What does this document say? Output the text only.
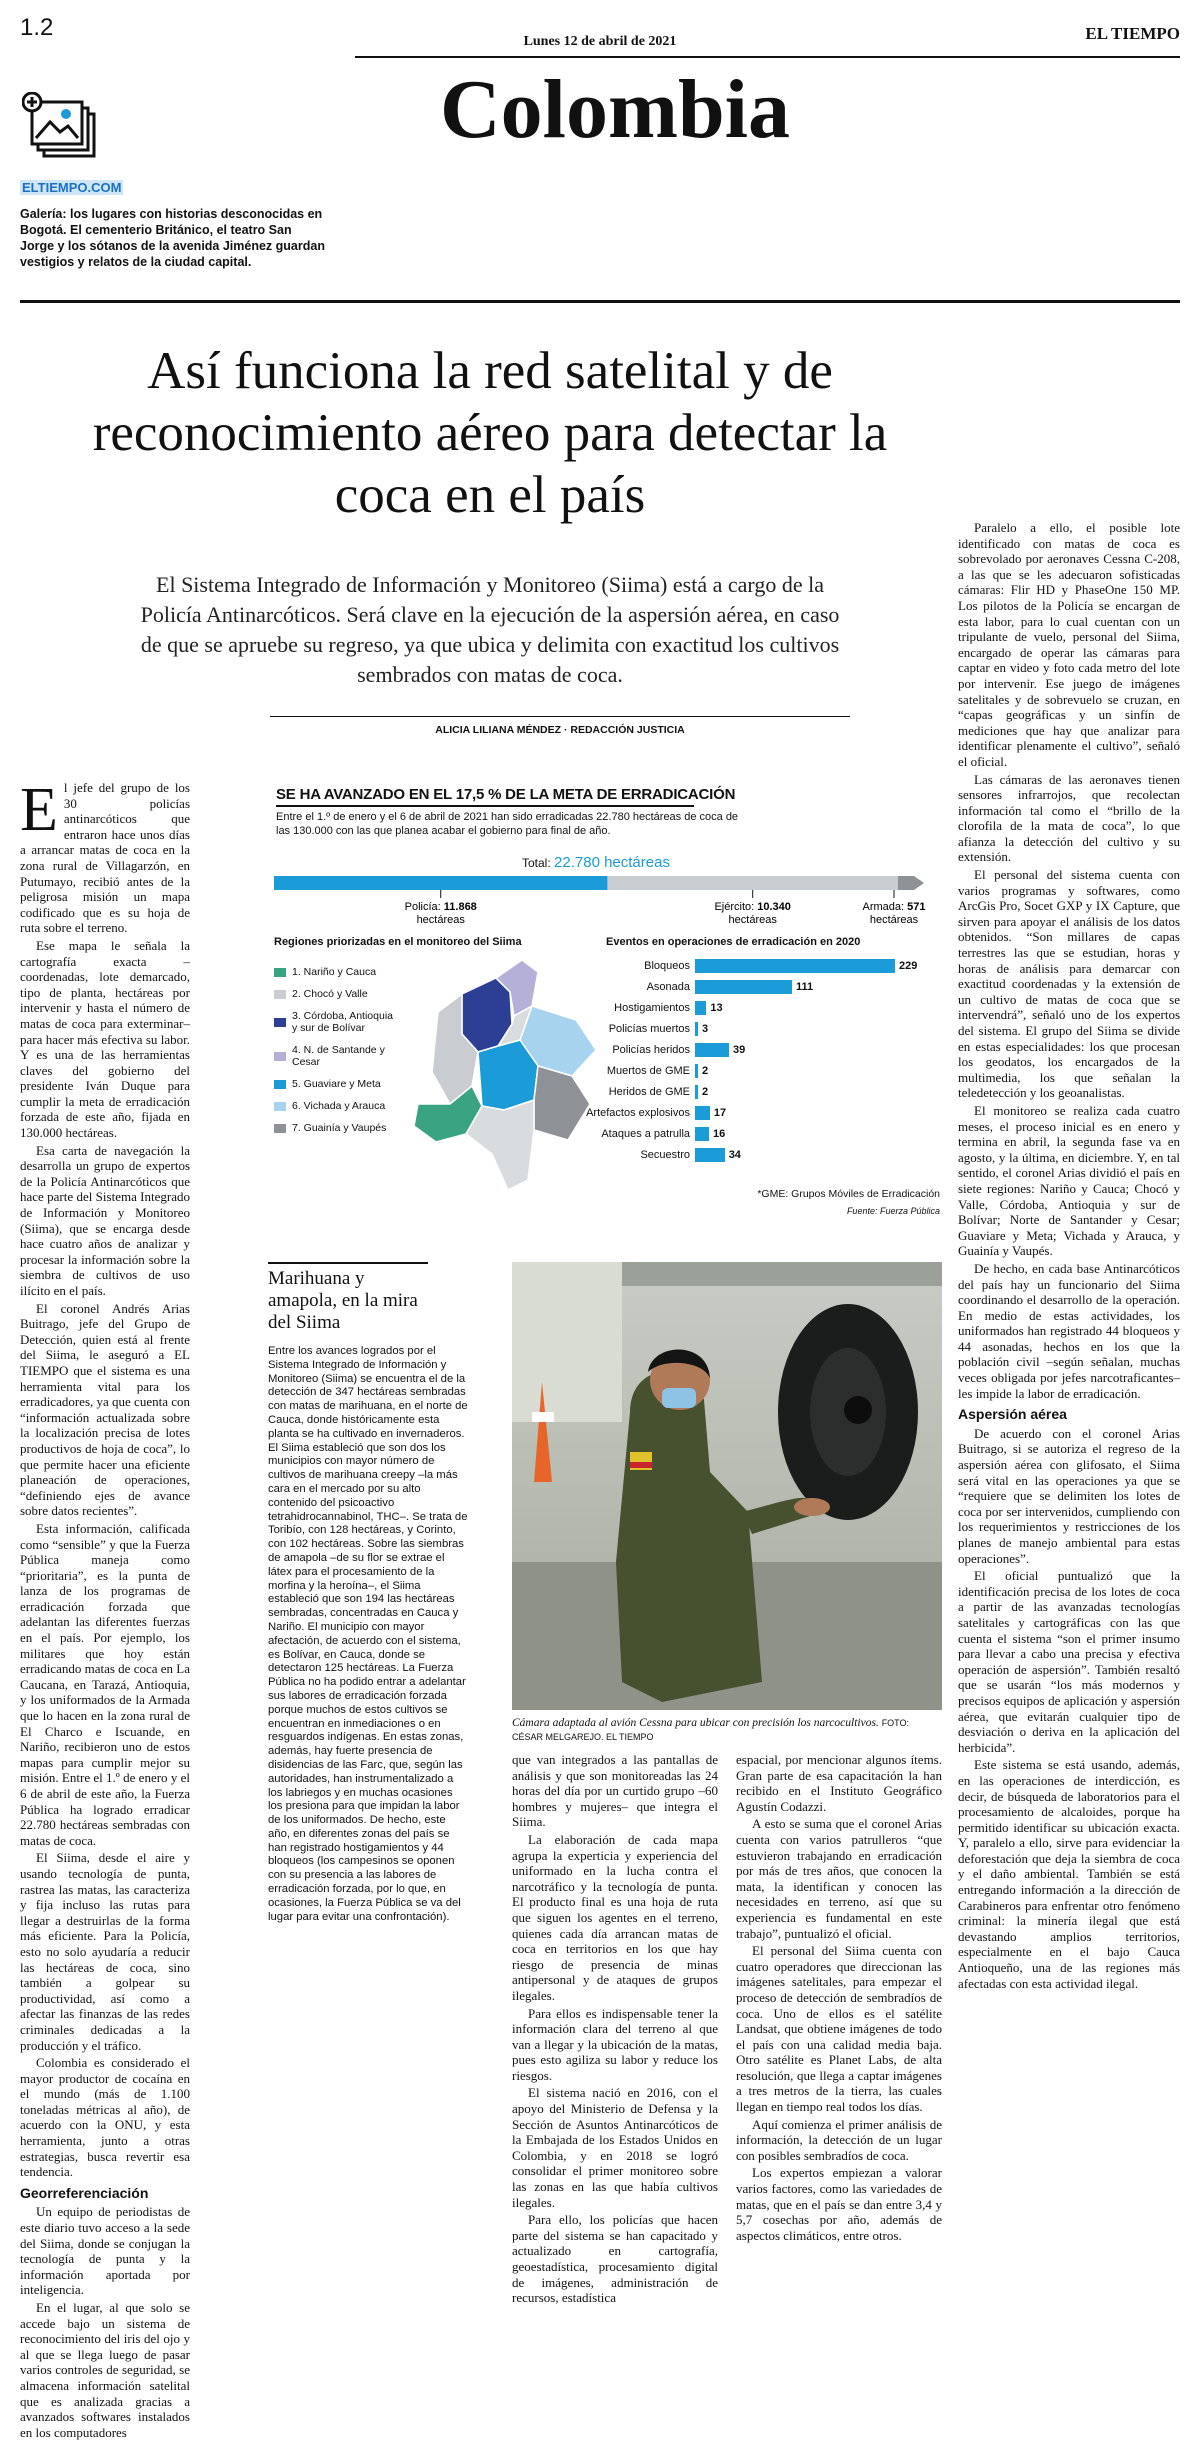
1.2
Lunes 12 de abril de 2021	EL TIEMPO
Colombia
ELTIEMPO.COM
Galería: los lugares con historias desconocidas en Bogotá. El cementerio Británico, el teatro San Jorge y los sótanos de la avenida Jiménez guardan vestigios y relatos de la ciudad capital.
Así funciona la red satelital y de reconocimiento aéreo para detectar la coca en el país
El Sistema Integrado de Información y Monitoreo (Siima) está a cargo de la Policía Antinarcóticos. Será clave en la ejecución de la aspersión aérea, en caso de que se apruebe su regreso, ya que ubica y delimita con exactitud los cultivos sembrados con matas de coca.
ALICIA LILIANA MÉNDEZ · REDACCIÓN JUSTICIA

El jefe del grupo de los 30 policías antinarcóticos que entraron hace unos días a arrancar matas de coca en la zona rural de Villagarzón, en Putumayo, recibió antes de la peligrosa misión un mapa codificado que es su hoja de ruta sobre el terreno.

Ese mapa le señala la cartografía exacta –coordenadas, lote demarcado, tipo de planta, hectáreas por intervenir y hasta el número de matas de coca para exterminar– para hacer más efectiva su labor. Y es una de las herramientas claves del gobierno del presidente Iván Duque para cumplir la meta de erradicación forzada de este año, fijada en 130.000 hectáreas.

Esa carta de navegación la desarrolla un grupo de expertos de la Policía Antinarcóticos que hace parte del Sistema Integrado de Información y Monitoreo (Siima), que se encarga desde hace cuatro años de analizar y procesar la información sobre la siembra de cultivos de uso ilícito en el país.

El coronel Andrés Arias Buitrago, jefe del Grupo de Detección, quien está al frente del Siima, le aseguró a EL TIEMPO que el sistema es una herramienta vital para los erradicadores, ya que cuenta con “información actualizada sobre la localización precisa de lotes productivos de hoja de coca”, lo que permite hacer una eficiente planeación de operaciones, “definiendo ejes de avance sobre datos recientes”.

Esta información, calificada como “sensible” y que la Fuerza Pública maneja como “prioritaria”, es la punta de lanza de los programas de erradicación forzada que adelantan las diferentes fuerzas en el país. Por ejemplo, los militares que hoy están erradicando matas de coca en La Caucana, en Tarazá, Antioquia, y los uniformados de la Armada que lo hacen en la zona rural de El Charco e Iscuande, en Nariño, recibieron uno de estos mapas para cumplir mejor su misión. Entre el 1.º de enero y el 6 de abril de este año, la Fuerza Pública ha logrado erradicar 22.780 hectáreas sembradas con matas de coca.

El Siima, desde el aire y usando tecnología de punta, rastrea las matas, las caracteriza y fija incluso las rutas para llegar a destruirlas de la forma más eficiente. Para la Policía, esto no solo ayudaría a reducir las hectáreas de coca, sino también a golpear su productividad, así como a afectar las finanzas de las redes criminales dedicadas a la producción y el tráfico.

Colombia es considerado el mayor productor de cocaína en el mundo (más de 1.100 toneladas métricas al año), de acuerdo con la ONU, y esta herramienta, junto a otras estrategias, busca revertir esa tendencia.

Georreferenciación

Un equipo de periodistas de este diario tuvo acceso a la sede del Siima, donde se conjugan la tecnología de punta y la información aportada por inteligencia.

En el lugar, al que solo se accede bajo un sistema de reconocimiento del iris del ojo y al que se llega luego de pasar varios controles de seguridad, se almacena información satelital que es analizada gracias a avanzados softwares instalados en los computadores

SE HA AVANZADO EN EL 17,5 % DE LA META DE ERRADICACIÓN
Entre el 1.º de enero y el 6 de abril de 2021 han sido erradicadas 22.780 hectáreas de coca de las 130.000 con las que planea acabar el gobierno para final de año.
Total: 22.780 hectáreas
Policía: 11.868
hectáreas
Ejército: 10.340
hectáreas
Armada: 571
hectáreas
Regiones priorizadas en el monitoreo del Siima
1. Nariño y Cauca
2. Chocó y Valle
3. Córdoba, Antioquia y sur de Bolívar
4. N. de Santande y Cesar
5. Guaviare y Meta
6. Vichada y Arauca
7. Guainía y Vaupés
Eventos en operaciones de erradicación en 2020
Bloqueos	229
Asonada	111
Hostigamientos	13
Policías muertos	3
Policías heridos	39
Muertos de GME	2
Heridos de GME	2
Artefactos explosivos	17
Ataques a patrulla	16
Secuestro	34
*GME: Grupos Móviles de Erradicación
Fuente: Fuerza Pública
Marihuana y amapola, en la mira del Siima
Entre los avances logrados por el Sistema Integrado de Información y Monitoreo (Siima) se encuentra el de la detección de 347 hectáreas sembradas con matas de marihuana, en el norte de Cauca, donde históricamente esta planta se ha cultivado en invernaderos. El Siima estableció que son dos los municipios con mayor número de cultivos de marihuana creepy –la más cara en el mercado por su alto contenido del psicoactivo tetrahidrocannabinol, THC–. Se trata de Toribío, con 128 hectáreas, y Corinto, con 102 hectáreas. Sobre las siembras de amapola –de su flor se extrae el látex para el procesamiento de la morfina y la heroína–, el Siima estableció que son 194 las hectáreas sembradas, concentradas en Cauca y Nariño. El municipio con mayor afectación, de acuerdo con el sistema, es Bolívar, en Cauca, donde se detectaron 125 hectáreas. La Fuerza Pública no ha podido entrar a adelantar sus labores de erradicación forzada porque muchos de estos cultivos se encuentran en inmediaciones o en resguardos indígenas. En estas zonas, además, hay fuerte presencia de disidencias de las Farc, que, según las autoridades, han instrumentalizado a los labriegos y en muchas ocasiones los presiona para que impidan la labor de los uniformados. De hecho, este año, en diferentes zonas del país se han registrado hostigamientos y 44 bloqueos (los campesinos se oponen con su presencia a las labores de erradicación forzada, por lo que, en ocasiones, la Fuerza Pública se va del lugar para evitar una confrontación).
Cámara adaptada al avión Cessna para ubicar con precisión los narcocultivos. FOTO: CÉSAR MELGAREJO. EL TIEMPO

que van integrados a las pantallas de análisis y que son monitoreadas las 24 horas del día por un curtido grupo –60 hombres y mujeres– que integra el Siima.

La elaboración de cada mapa agrupa la experticia y experiencia del uniformado en la lucha contra el narcotráfico y la tecnología de punta. El producto final es una hoja de ruta que siguen los agentes en el terreno, quienes cada día arrancan matas de coca en territorios en los que hay riesgo de presencia de minas antipersonal y de ataques de grupos ilegales.

Para ellos es indispensable tener la información clara del terreno al que van a llegar y la ubicación de la matas, pues esto agiliza su labor y reduce los riesgos.

El sistema nació en 2016, con el apoyo del Ministerio de Defensa y la Sección de Asuntos Antinarcóticos de la Embajada de los Estados Unidos en Colombia, y en 2018 se logró consolidar el primer monitoreo sobre las zonas en las que había cultivos ilegales.

Para ello, los policías que hacen parte del sistema se han capacitado y actualizado en cartografía, geoestadística, procesamiento digital de imágenes, administración de recursos, estadística

espacial, por mencionar algunos ítems. Gran parte de esa capacitación la han recibido en el Instituto Geográfico Agustín Codazzi.

A esto se suma que el coronel Arias cuenta con varios patrulleros “que estuvieron trabajando en erradicación por más de tres años, que conocen la mata, la identifican y conocen las necesidades en terreno, así que su experiencia es fundamental en este trabajo”, puntualizó el oficial.

El personal del Siima cuenta con cuatro operadores que direccionan las imágenes satelitales, para empezar el proceso de detección de sembradíos de coca. Uno de ellos es el satélite Landsat, que obtiene imágenes de todo el país con una calidad media baja. Otro satélite es Planet Labs, de alta resolución, que llega a captar imágenes a tres metros de la tierra, las cuales llegan en tiempo real todos los días.

Aquí comienza el primer análisis de información, la detección de un lugar con posibles sembradíos de coca.

Los expertos empiezan a valorar varios factores, como las variedades de matas, que en el país se dan entre 3,4 y 5,7 cosechas por año, además de aspectos climáticos, entre otros.

Paralelo a ello, el posible lote identificado con matas de coca es sobrevolado por aeronaves Cessna C-208, a las que se les adecuaron sofisticadas cámaras: Flir HD y PhaseOne 150 MP. Los pilotos de la Policía se encargan de esta labor, para lo cual cuentan con un tripulante de vuelo, personal del Siima, encargado de operar las cámaras para captar en video y foto cada metro del lote por intervenir. Ese juego de imágenes satelitales y de sobrevuelo se cruzan, en “capas geográficas y un sinfín de mediciones que hay que analizar para identificar plenamente el cultivo”, señaló el oficial.

Las cámaras de las aeronaves tienen sensores infrarrojos, que recolectan información tal como el “brillo de la clorofila de la mata de coca”, lo que afianza la detección del cultivo y su extensión.

El personal del sistema cuenta con varios programas y softwares, como ArcGis Pro, Socet GXP y IX Capture, que sirven para apoyar el análisis de los datos obtenidos. “Son millares de capas terrestres las que se estudian, horas y horas de análisis para demarcar con exactitud coordenadas y la extensión de un cultivo de matas de coca que se intervendrá”, señaló uno de los expertos del sistema. El grupo del Siima se divide en estas especialidades: los que procesan los geodatos, los encargados de la multimedia, los que señalan la teledetección y los geoanalistas.

El monitoreo se realiza cada cuatro meses, el proceso inicial es en enero y termina en abril, la segunda fase va en agosto, y la última, en diciembre. Y, en tal sentido, el coronel Arias dividió el país en siete regiones: Nariño y Cauca; Chocó y Valle, Córdoba, Antioquia y sur de Bolívar; Norte de Santander y Cesar; Guaviare y Meta; Vichada y Arauca, y Guainía y Vaupés.

De hecho, en cada base Antinarcóticos del país hay un funcionario del Siima coordinando el desarrollo de la operación. En medio de estas actividades, los uniformados han registrado 44 bloqueos y 44 asonadas, hechos en los que la población civil –según señalan, muchas veces obligada por jefes narcotraficantes– les impide la labor de erradicación.

Aspersión aérea

De acuerdo con el coronel Arias Buitrago, si se autoriza el regreso de la aspersión aérea con glifosato, el Siima será vital en las operaciones ya que se “requiere que se delimiten los lotes de coca por ser intervenidos, cumpliendo con los requerimientos y restricciones de los planes de manejo ambiental para estas operaciones”.

El oficial puntualizó que la identificación precisa de los lotes de coca a partir de las avanzadas tecnologías satelitales y cartográficas con las que cuenta el sistema “son el primer insumo para llevar a cabo una precisa y efectiva operación de aspersión”. También resaltó que se usarán “los más modernos y precisos equipos de aplicación y aspersión aérea, que evitarán cualquier tipo de desviación o deriva en la aplicación del herbicida”.

Este sistema se está usando, además, en las operaciones de interdicción, es decir, de búsqueda de laboratorios para el procesamiento de alcaloides, porque ha permitido identificar su ubicación exacta. Y, paralelo a ello, sirve para evidenciar la deforestación que deja la siembra de coca y el daño ambiental. También se está entregando información a la dirección de Carabineros para enfrentar otro fenómeno criminal: la minería ilegal que está devastando amplios territorios, especialmente en el bajo Cauca Antioqueño, una de las regiones más afectadas con esta actividad ilegal.
